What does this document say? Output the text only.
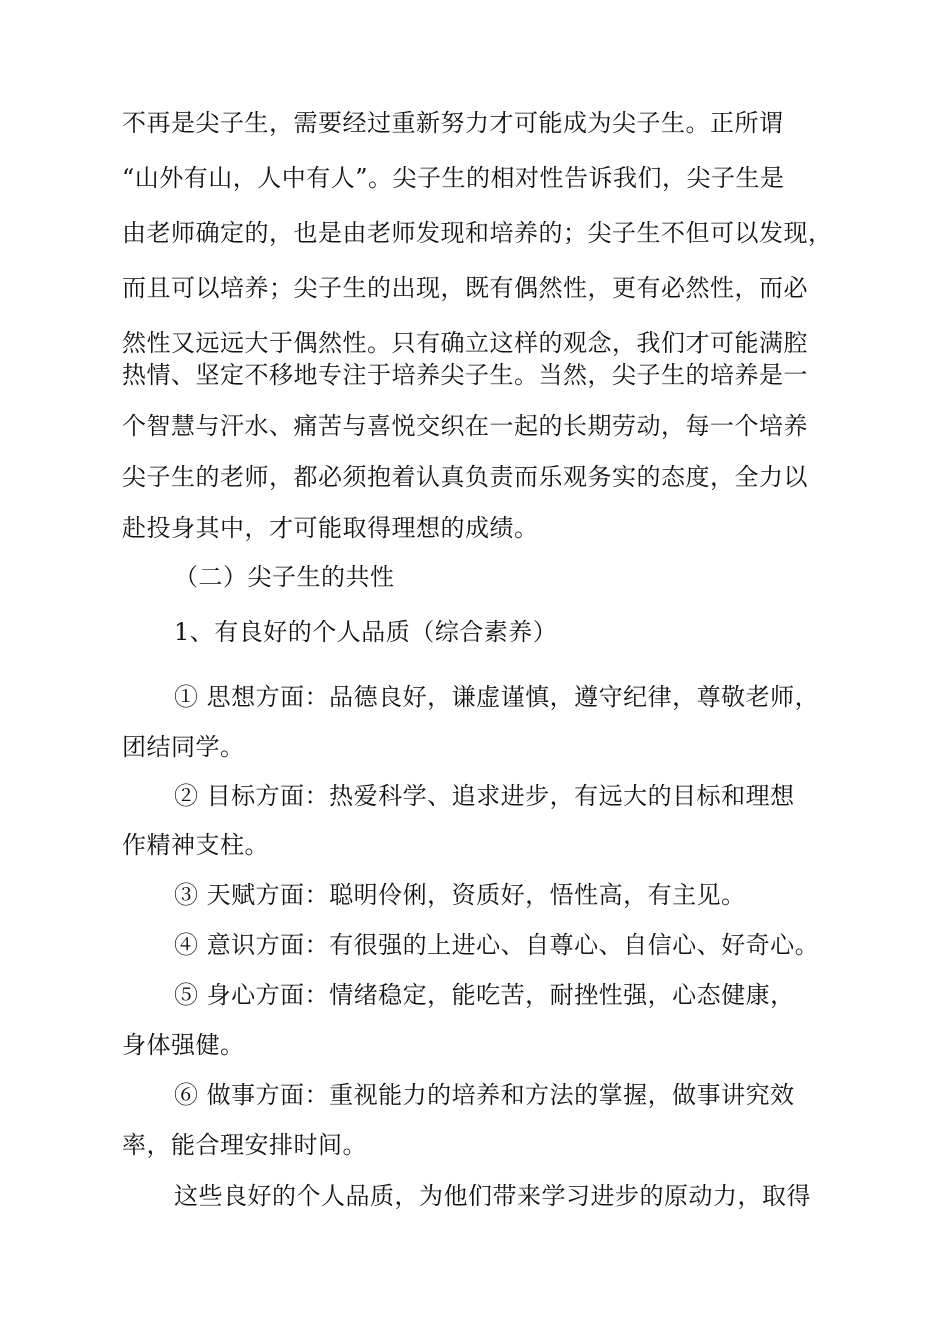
不再是尖子生，需要经过重新努力才可能成为尖子生。正所谓
“山外有山，人中有人”。尖子生的相对性告诉我们，尖子生是
由老师确定的，也是由老师发现和培养的；尖子生不但可以发现，
而且可以培养；尖子生的出现，既有偶然性，更有必然性，而必
然性又远远大于偶然性。只有确立这样的观念，我们才可能满腔
热情、坚定不移地专注于培养尖子生。当然，尖子生的培养是一
个智慧与汗水、痛苦与喜悦交织在一起的长期劳动，每一个培养
尖子生的老师，都必须抱着认真负责而乐观务实的态度，全力以
赴投身其中，才可能取得理想的成绩。
（二）尖子生的共性
1、有良好的个人品质（综合素养）
① 思想方面：品德良好，谦虚谨慎，遵守纪律，尊敬老师，
团结同学。
② 目标方面：热爱科学、追求进步，有远大的目标和理想
作精神支柱。
③ 天赋方面：聪明伶俐，资质好，悟性高，有主见。
④ 意识方面：有很强的上进心、自尊心、自信心、好奇心。
⑤ 身心方面：情绪稳定，能吃苦，耐挫性强，心态健康，
身体强健。
⑥ 做事方面：重视能力的培养和方法的掌握，做事讲究效
率，能合理安排时间。
这些良好的个人品质，为他们带来学习进步的原动力，取得
